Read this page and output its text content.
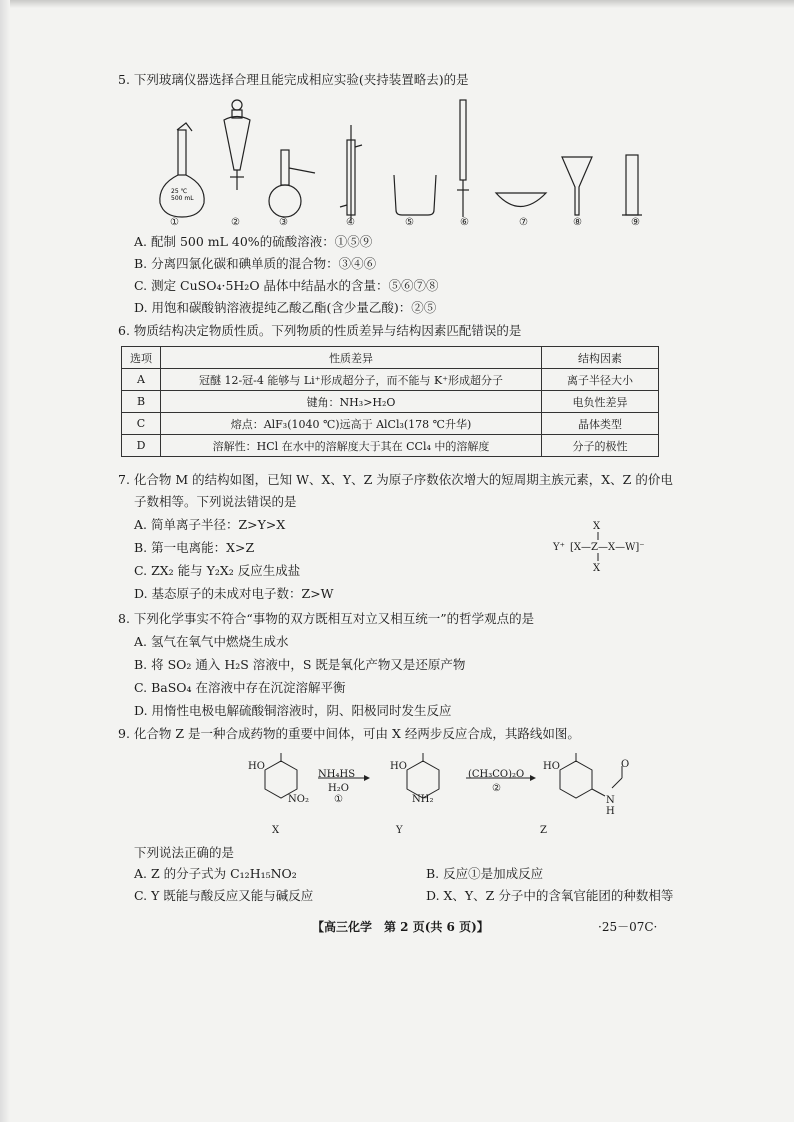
5. 下列玻璃仪器选择合理且能完成相应实验(夹持装置略去)的是
25 ℃ 500 mL
①	②	③	④	⑤	⑥	⑦	⑧	⑨
A. 配制 500 mL 40%的硫酸溶液：①⑤⑨
B. 分离四氯化碳和碘单质的混合物：③④⑥
C. 测定 CuSO₄·5H₂O 晶体中结晶水的含量：⑤⑥⑦⑧
D. 用饱和碳酸钠溶液提纯乙酸乙酯(含少量乙酸)：②⑤
6. 物质结构决定物质性质。下列物质的性质差异与结构因素匹配错误的是
选项	性质差异	结构因素
A	冠醚 12-冠-4 能够与 Li⁺形成超分子，而不能与 K⁺形成超分子	离子半径大小
B	键角：NH₃>H₂O	电负性差异
C	熔点：AlF₃(1040 ℃)远高于 AlCl₃(178 ℃升华)	晶体类型
D	溶解性：HCl 在水中的溶解度大于其在 CCl₄ 中的溶解度	分子的极性
7. 化合物 M 的结构如图，已知 W、X、Y、Z 为原子序数依次增大的短周期主族元素，X、Z 的价电
子数相等。下列说法错误的是
A. 简单离子半径：Z>Y>X
B. 第一电离能：X>Z
C. ZX₂ 能与 Y₂X₂ 反应生成盐
D. 基态原子的未成对电子数：Z>W
X
Y⁺ [X—Z—X—W]⁻
X
8. 下列化学事实不符合“事物的双方既相互对立又相互统一”的哲学观点的是
A. 氢气在氧气中燃烧生成水
B. 将 SO₂ 通入 H₂S 溶液中，S 既是氧化产物又是还原产物
C. BaSO₄ 在溶液中存在沉淀溶解平衡
D. 用惰性电极电解硫酸铜溶液时，阴、阳极同时发生反应
9. 化合物 Z 是一种合成药物的重要中间体，可由 X 经两步反应合成，其路线如图。
HO
NO₂
HO
NH₂
HO
N
H
O
NH₄HS
H₂O
①
(CH₃CO)₂O
②
X	Y	Z
下列说法正确的是
A. Z 的分子式为 C₁₂H₁₅NO₂	B. 反应①是加成反应
C. Y 既能与酸反应又能与碱反应	D. X、Y、Z 分子中的含氧官能团的种数相等
【高三化学　第 2 页(共 6 页)】	·25－07C·
